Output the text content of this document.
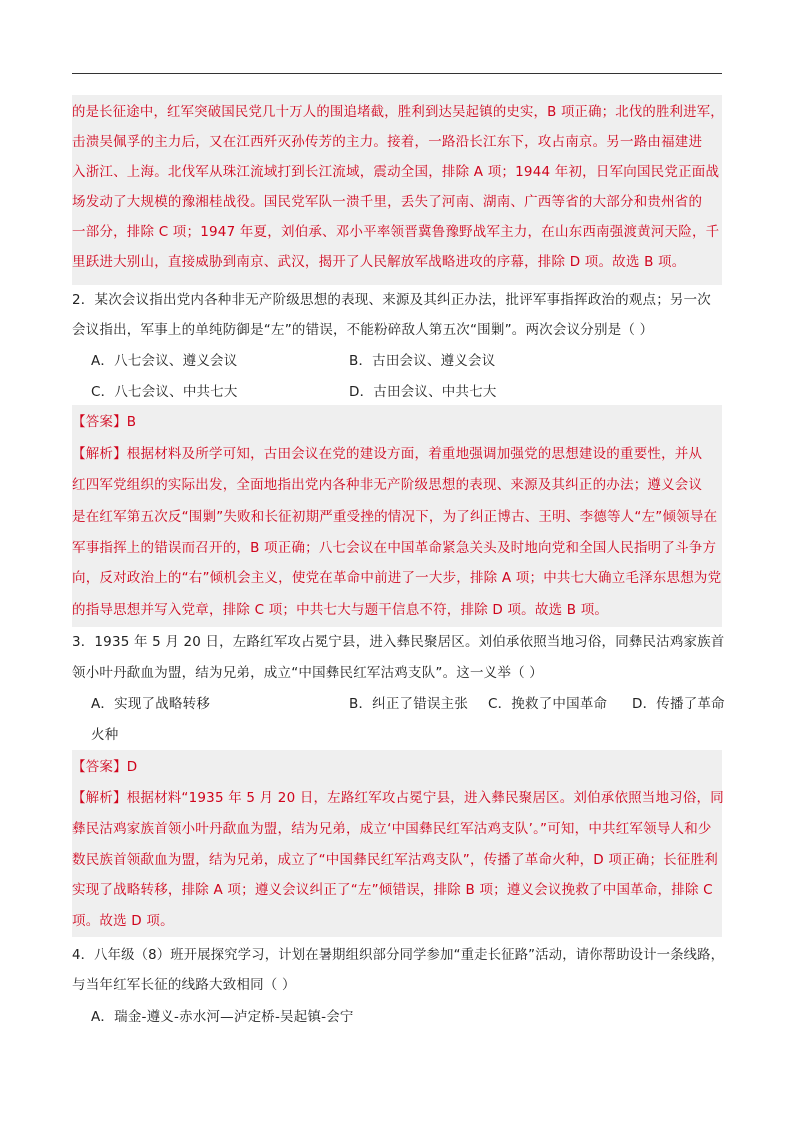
的是长征途中，红军突破国民党几十万人的围追堵截，胜利到达吴起镇的史实，B 项正确；北伐的胜利进军，
击溃吴佩孚的主力后，又在江西歼灭孙传芳的主力。接着，一路沿长江东下，攻占南京。另一路由福建进
入浙江、上海。北伐军从珠江流域打到长江流域，震动全国，排除 A 项；1944 年初，日军向国民党正面战
场发动了大规模的豫湘桂战役。国民党军队一溃千里，丢失了河南、湖南、广西等省的大部分和贵州省的
一部分，排除 C 项；1947 年夏，刘伯承、邓小平率领晋冀鲁豫野战军主力，在山东西南强渡黄河天险，千
里跃进大别山，直接威胁到南京、武汉，揭开了人民解放军战略进攻的序幕，排除 D 项。故选 B 项。
2．某次会议指出党内各种非无产阶级思想的表现、来源及其纠正办法，批评军事指挥政治的观点；另一次
会议指出，军事上的单纯防御是“左”的错误，不能粉碎敌人第五次“围剿”。两次会议分别是（ ）
A．八七会议、遵义会议	B．古田会议、遵义会议
C．八七会议、中共七大	D．古田会议、中共七大
【答案】B
【解析】根据材料及所学可知，古田会议在党的建设方面，着重地强调加强党的思想建设的重要性，并从
红四军党组织的实际出发，全面地指出党内各种非无产阶级思想的表现、来源及其纠正的办法；遵义会议
是在红军第五次反“围剿”失败和长征初期严重受挫的情况下，为了纠正博古、王明、李德等人“左”倾领导在
军事指挥上的错误而召开的，B 项正确；八七会议在中国革命紧急关头及时地向党和全国人民指明了斗争方
向，反对政治上的“右”倾机会主义，使党在革命中前进了一大步，排除 A 项；中共七大确立毛泽东思想为党
的指导思想并写入党章，排除 C 项；中共七大与题干信息不符，排除 D 项。故选 B 项。
3．1935 年 5 月 20 日，左路红军攻占冕宁县，进入彝民聚居区。刘伯承依照当地习俗，同彝民沽鸡家族首
领小叶丹歃血为盟，结为兄弟，成立“中国彝民红军沽鸡支队”。这一义举（ ）
A．实现了战略转移	B．纠正了错误主张 C．挽救了中国革命 D．传播了革命
火种
【答案】D
【解析】根据材料“1935 年 5 月 20 日，左路红军攻占冕宁县，进入彝民聚居区。刘伯承依照当地习俗，同
彝民沽鸡家族首领小叶丹歃血为盟，结为兄弟，成立‘中国彝民红军沽鸡支队’。”可知，中共红军领导人和少
数民族首领歃血为盟，结为兄弟，成立了“中国彝民红军沽鸡支队”，传播了革命火种，D 项正确；长征胜利
实现了战略转移，排除 A 项；遵义会议纠正了“左”倾错误，排除 B 项；遵义会议挽救了中国革命，排除 C
项。故选 D 项。
4．八年级（8）班开展探究学习，计划在暑期组织部分同学参加“重走长征路”活动，请你帮助设计一条线路，
与当年红军长征的线路大致相同（ ）
A．瑞金-遵义-赤水河—泸定桥-吴起镇-会宁
